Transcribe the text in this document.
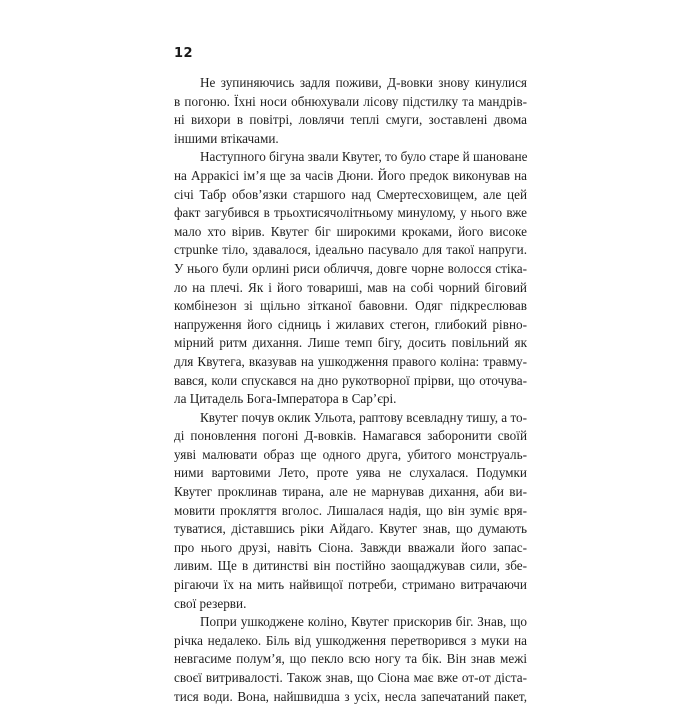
12
Не зупиняючись задля поживи, Д-вовки знову кинулися
в погоню. Їхні носи обнюхували лісову підстилку та мандрів-
ні вихори в повітрі, ловлячи теплі смуги, зоставлені двома
іншими втікачами.
Наступного бігуна звали Квутег, то було старе й шановане
на Арракісі ім’я ще за часів Дюни. Його предок виконував на
січі Табр обов’язки старшого над Смертесховищем, але цей
факт загубився в трьохтисячолітньому минулому, у нього вже
мало хто вірив. Квутег біг широкими кроками, його високе
стрunke тіло, здавалося, ідеально пасувало для такої напруги.
У нього були орлині риси обличчя, довге чорне волосся стіка-
ло на плечі. Як і його товариші, мав на собі чорний біговий
комбінезон зі щільно зітканої бавовни. Одяг підкреслював
напруження його сідниць і жилавих стегон, глибокий рівно-
мірний ритм дихання. Лише темп бігу, досить повільний як
для Квутега, вказував на ушкодження правого коліна: травму-
вався, коли спускався на дно рукотворної прірви, що оточува-
ла Цитадель Бога-Імператора в Сар’єрі.
Квутег почув оклик Ульота, раптову всевладну тишу, а то-
ді поновлення погоні Д-вовків. Намагався заборонити своїй
уяві малювати образ ще одного друга, убитого монструаль-
ними вартовими Лето, проте уява не слухалася. Подумки
Квутег проклинав тирана, але не марнував дихання, аби ви-
мовити прокляття вголос. Лишалася надія, що він зуміє вря-
туватися, діставшись ріки Айдаго. Квутег знав, що думають
про нього друзі, навіть Сіона. Завжди вважали його запас-
ливим. Ще в дитинстві він постійно заощаджував сили, збе-
рігаючи їх на мить найвищої потреби, стримано витрачаючи
свої резерви.
Попри ушкоджене коліно, Квутег прискорив біг. Знав, що
річка недалеко. Біль від ушкодження перетворився з муки на
невгасиме полум’я, що пекло всю ногу та бік. Він знав межі
своєї витривалості. Також знав, що Сіона має вже от-от діста-
тися води. Вона, найшвидша з усіх, несла запечатаний пакет,
